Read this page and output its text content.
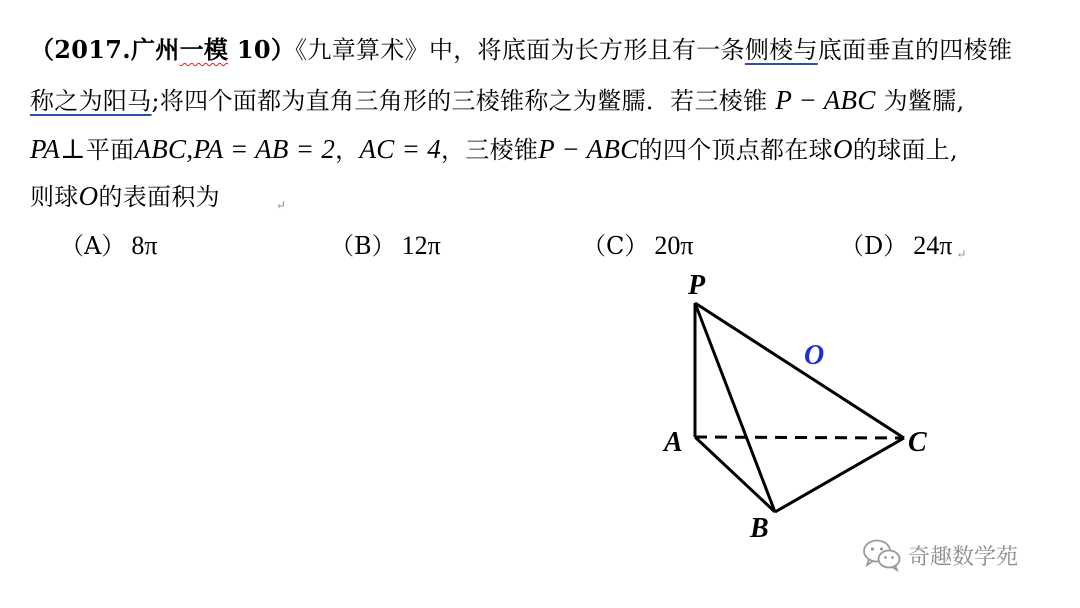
（2017.广州一模 10）《九章算术》中，将底面为长方形且有一条侧棱与底面垂直的四棱锥
称之为阳马;将四个面都为直角三角形的三棱锥称之为鳖臑．若三棱锥 P − ABC 为鳖臑,
PA⊥平面ABC,PA = AB = 2，AC = 4，三棱锥P − ABC的四个顶点都在球O的球面上,
则球O的表面积为	↵
（A） 8π	（B） 12π	（C） 20π	（D） 24π ↵
P
A
B
C
O
奇趣数学苑
